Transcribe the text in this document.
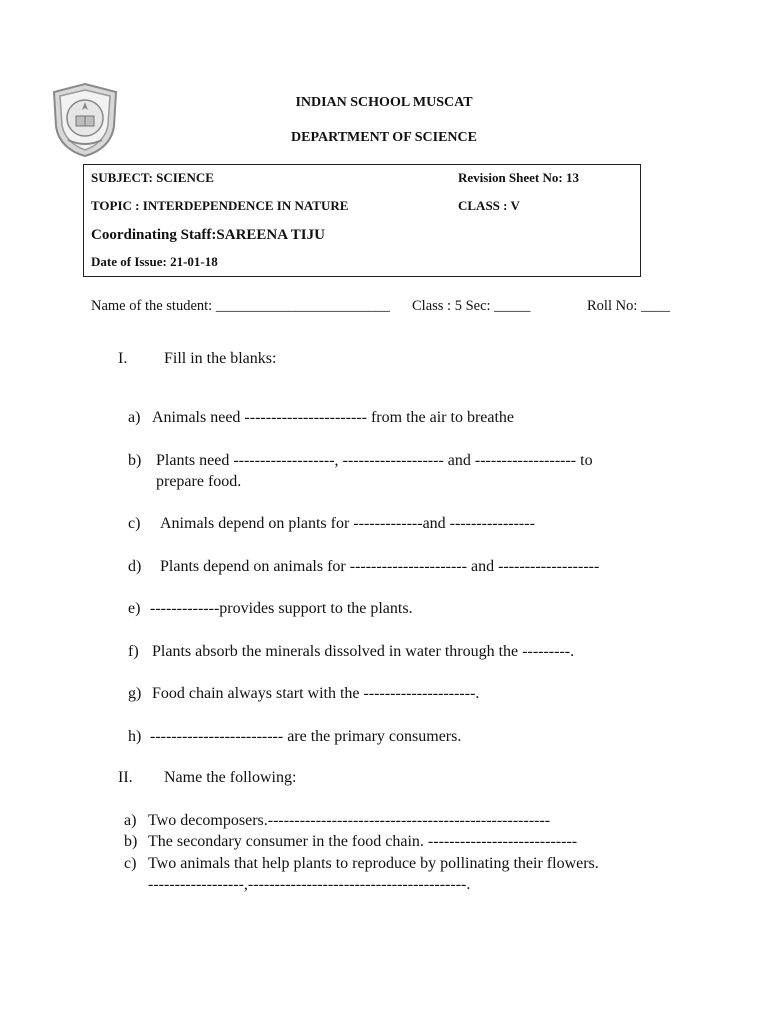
INDIAN SCHOOL MUSCAT
DEPARTMENT OF SCIENCE
SUBJECT: SCIENCE	Revision Sheet No: 13
TOPIC : INTERDEPENDENCE IN NATURE	CLASS : V
Coordinating Staff:SAREENA TIJU
Date of Issue: 21-01-18
Name of the student: ________________________ Class : 5 Sec: _____	Roll No: ____
I. Fill in the blanks:
a) Animals need ----------------------- from the air to breathe
b) Plants need -------------------, ------------------- and ------------------- to
prepare food.
c) Animals depend on plants for -------------and ----------------
d) Plants depend on animals for ---------------------- and -------------------
e) -------------provides support to the plants.
f) Plants absorb the minerals dissolved in water through the ---------.
g) Food chain always start with the ---------------------.
h) ------------------------- are the primary consumers.
II. Name the following:
a) Two decomposers.-----------------------------------------------------
b) The secondary consumer in the food chain. ----------------------------
c) Two animals that help plants to reproduce by pollinating their flowers.
------------------,-----------------------------------------.
